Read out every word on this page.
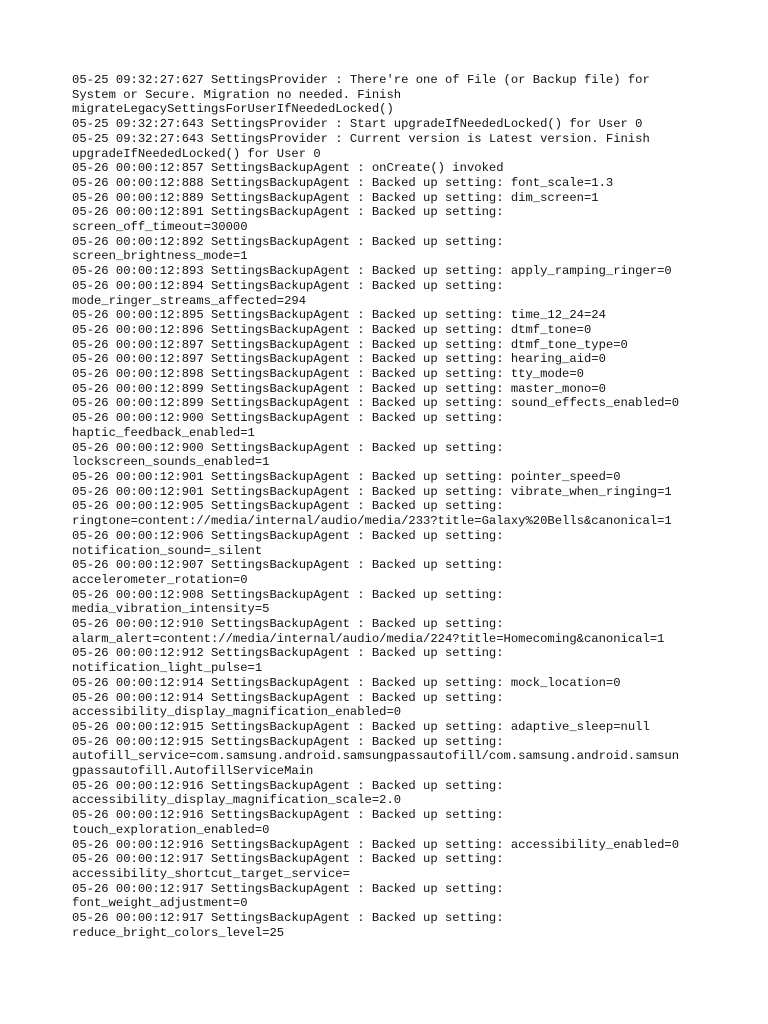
05-25 09:32:27:627 SettingsProvider : There're one of File (or Backup file) for
System or Secure. Migration no needed. Finish
migrateLegacySettingsForUserIfNeededLocked()
05-25 09:32:27:643 SettingsProvider : Start upgradeIfNeededLocked() for User 0
05-25 09:32:27:643 SettingsProvider : Current version is Latest version. Finish
upgradeIfNeededLocked() for User 0
05-26 00:00:12:857 SettingsBackupAgent : onCreate() invoked
05-26 00:00:12:888 SettingsBackupAgent : Backed up setting: font_scale=1.3
05-26 00:00:12:889 SettingsBackupAgent : Backed up setting: dim_screen=1
05-26 00:00:12:891 SettingsBackupAgent : Backed up setting:
screen_off_timeout=30000
05-26 00:00:12:892 SettingsBackupAgent : Backed up setting:
screen_brightness_mode=1
05-26 00:00:12:893 SettingsBackupAgent : Backed up setting: apply_ramping_ringer=0
05-26 00:00:12:894 SettingsBackupAgent : Backed up setting:
mode_ringer_streams_affected=294
05-26 00:00:12:895 SettingsBackupAgent : Backed up setting: time_12_24=24
05-26 00:00:12:896 SettingsBackupAgent : Backed up setting: dtmf_tone=0
05-26 00:00:12:897 SettingsBackupAgent : Backed up setting: dtmf_tone_type=0
05-26 00:00:12:897 SettingsBackupAgent : Backed up setting: hearing_aid=0
05-26 00:00:12:898 SettingsBackupAgent : Backed up setting: tty_mode=0
05-26 00:00:12:899 SettingsBackupAgent : Backed up setting: master_mono=0
05-26 00:00:12:899 SettingsBackupAgent : Backed up setting: sound_effects_enabled=0
05-26 00:00:12:900 SettingsBackupAgent : Backed up setting:
haptic_feedback_enabled=1
05-26 00:00:12:900 SettingsBackupAgent : Backed up setting:
lockscreen_sounds_enabled=1
05-26 00:00:12:901 SettingsBackupAgent : Backed up setting: pointer_speed=0
05-26 00:00:12:901 SettingsBackupAgent : Backed up setting: vibrate_when_ringing=1
05-26 00:00:12:905 SettingsBackupAgent : Backed up setting:
ringtone=content://media/internal/audio/media/233?title=Galaxy%20Bells&canonical=1
05-26 00:00:12:906 SettingsBackupAgent : Backed up setting:
notification_sound=_silent
05-26 00:00:12:907 SettingsBackupAgent : Backed up setting:
accelerometer_rotation=0
05-26 00:00:12:908 SettingsBackupAgent : Backed up setting:
media_vibration_intensity=5
05-26 00:00:12:910 SettingsBackupAgent : Backed up setting:
alarm_alert=content://media/internal/audio/media/224?title=Homecoming&canonical=1
05-26 00:00:12:912 SettingsBackupAgent : Backed up setting:
notification_light_pulse=1
05-26 00:00:12:914 SettingsBackupAgent : Backed up setting: mock_location=0
05-26 00:00:12:914 SettingsBackupAgent : Backed up setting:
accessibility_display_magnification_enabled=0
05-26 00:00:12:915 SettingsBackupAgent : Backed up setting: adaptive_sleep=null
05-26 00:00:12:915 SettingsBackupAgent : Backed up setting:
autofill_service=com.samsung.android.samsungpassautofill/com.samsung.android.samsun
gpassautofill.AutofillServiceMain
05-26 00:00:12:916 SettingsBackupAgent : Backed up setting:
accessibility_display_magnification_scale=2.0
05-26 00:00:12:916 SettingsBackupAgent : Backed up setting:
touch_exploration_enabled=0
05-26 00:00:12:916 SettingsBackupAgent : Backed up setting: accessibility_enabled=0
05-26 00:00:12:917 SettingsBackupAgent : Backed up setting:
accessibility_shortcut_target_service=
05-26 00:00:12:917 SettingsBackupAgent : Backed up setting:
font_weight_adjustment=0
05-26 00:00:12:917 SettingsBackupAgent : Backed up setting:
reduce_bright_colors_level=25
